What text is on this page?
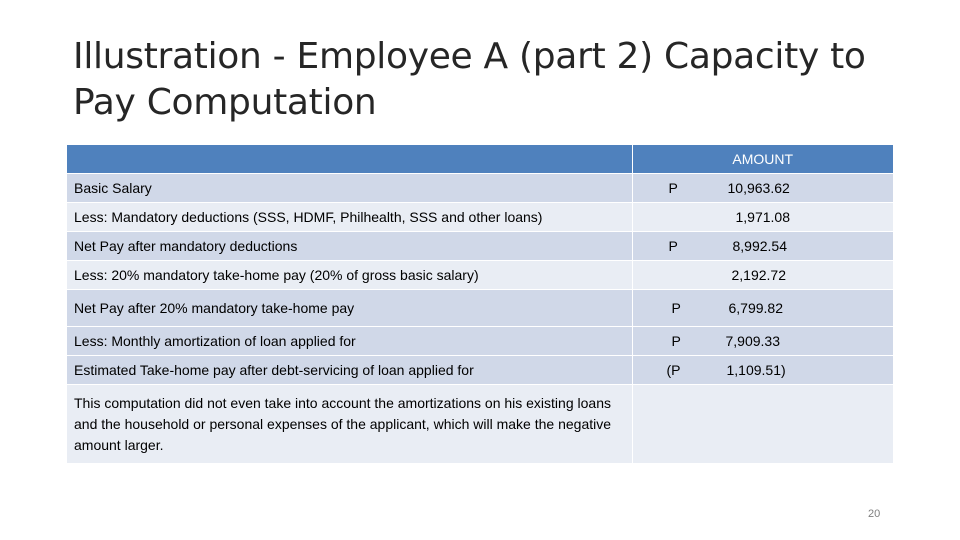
Illustration - Employee A (part 2) Capacity to Pay Computation
	AMOUNT
Basic Salary	P 10,963.62

Less: Mandatory deductions (SSS, HDMF, Philhealth, SSS and other loans)	1,971.08

Net Pay after mandatory deductions	P 8,992.54

Less: 20% mandatory take-home pay (20% of gross basic salary)	2,192.72

Net Pay after 20% mandatory take-home pay	P 6,799.82

Less: Monthly amortization of loan applied for	P 7,909.33

Estimated Take-home pay after debt-servicing of loan applied for	(P 1,109.51)

This computation did not even take into account the amortizations on his existing loans and the household or personal expenses of the applicant, which will make the negative amount larger.	
20
